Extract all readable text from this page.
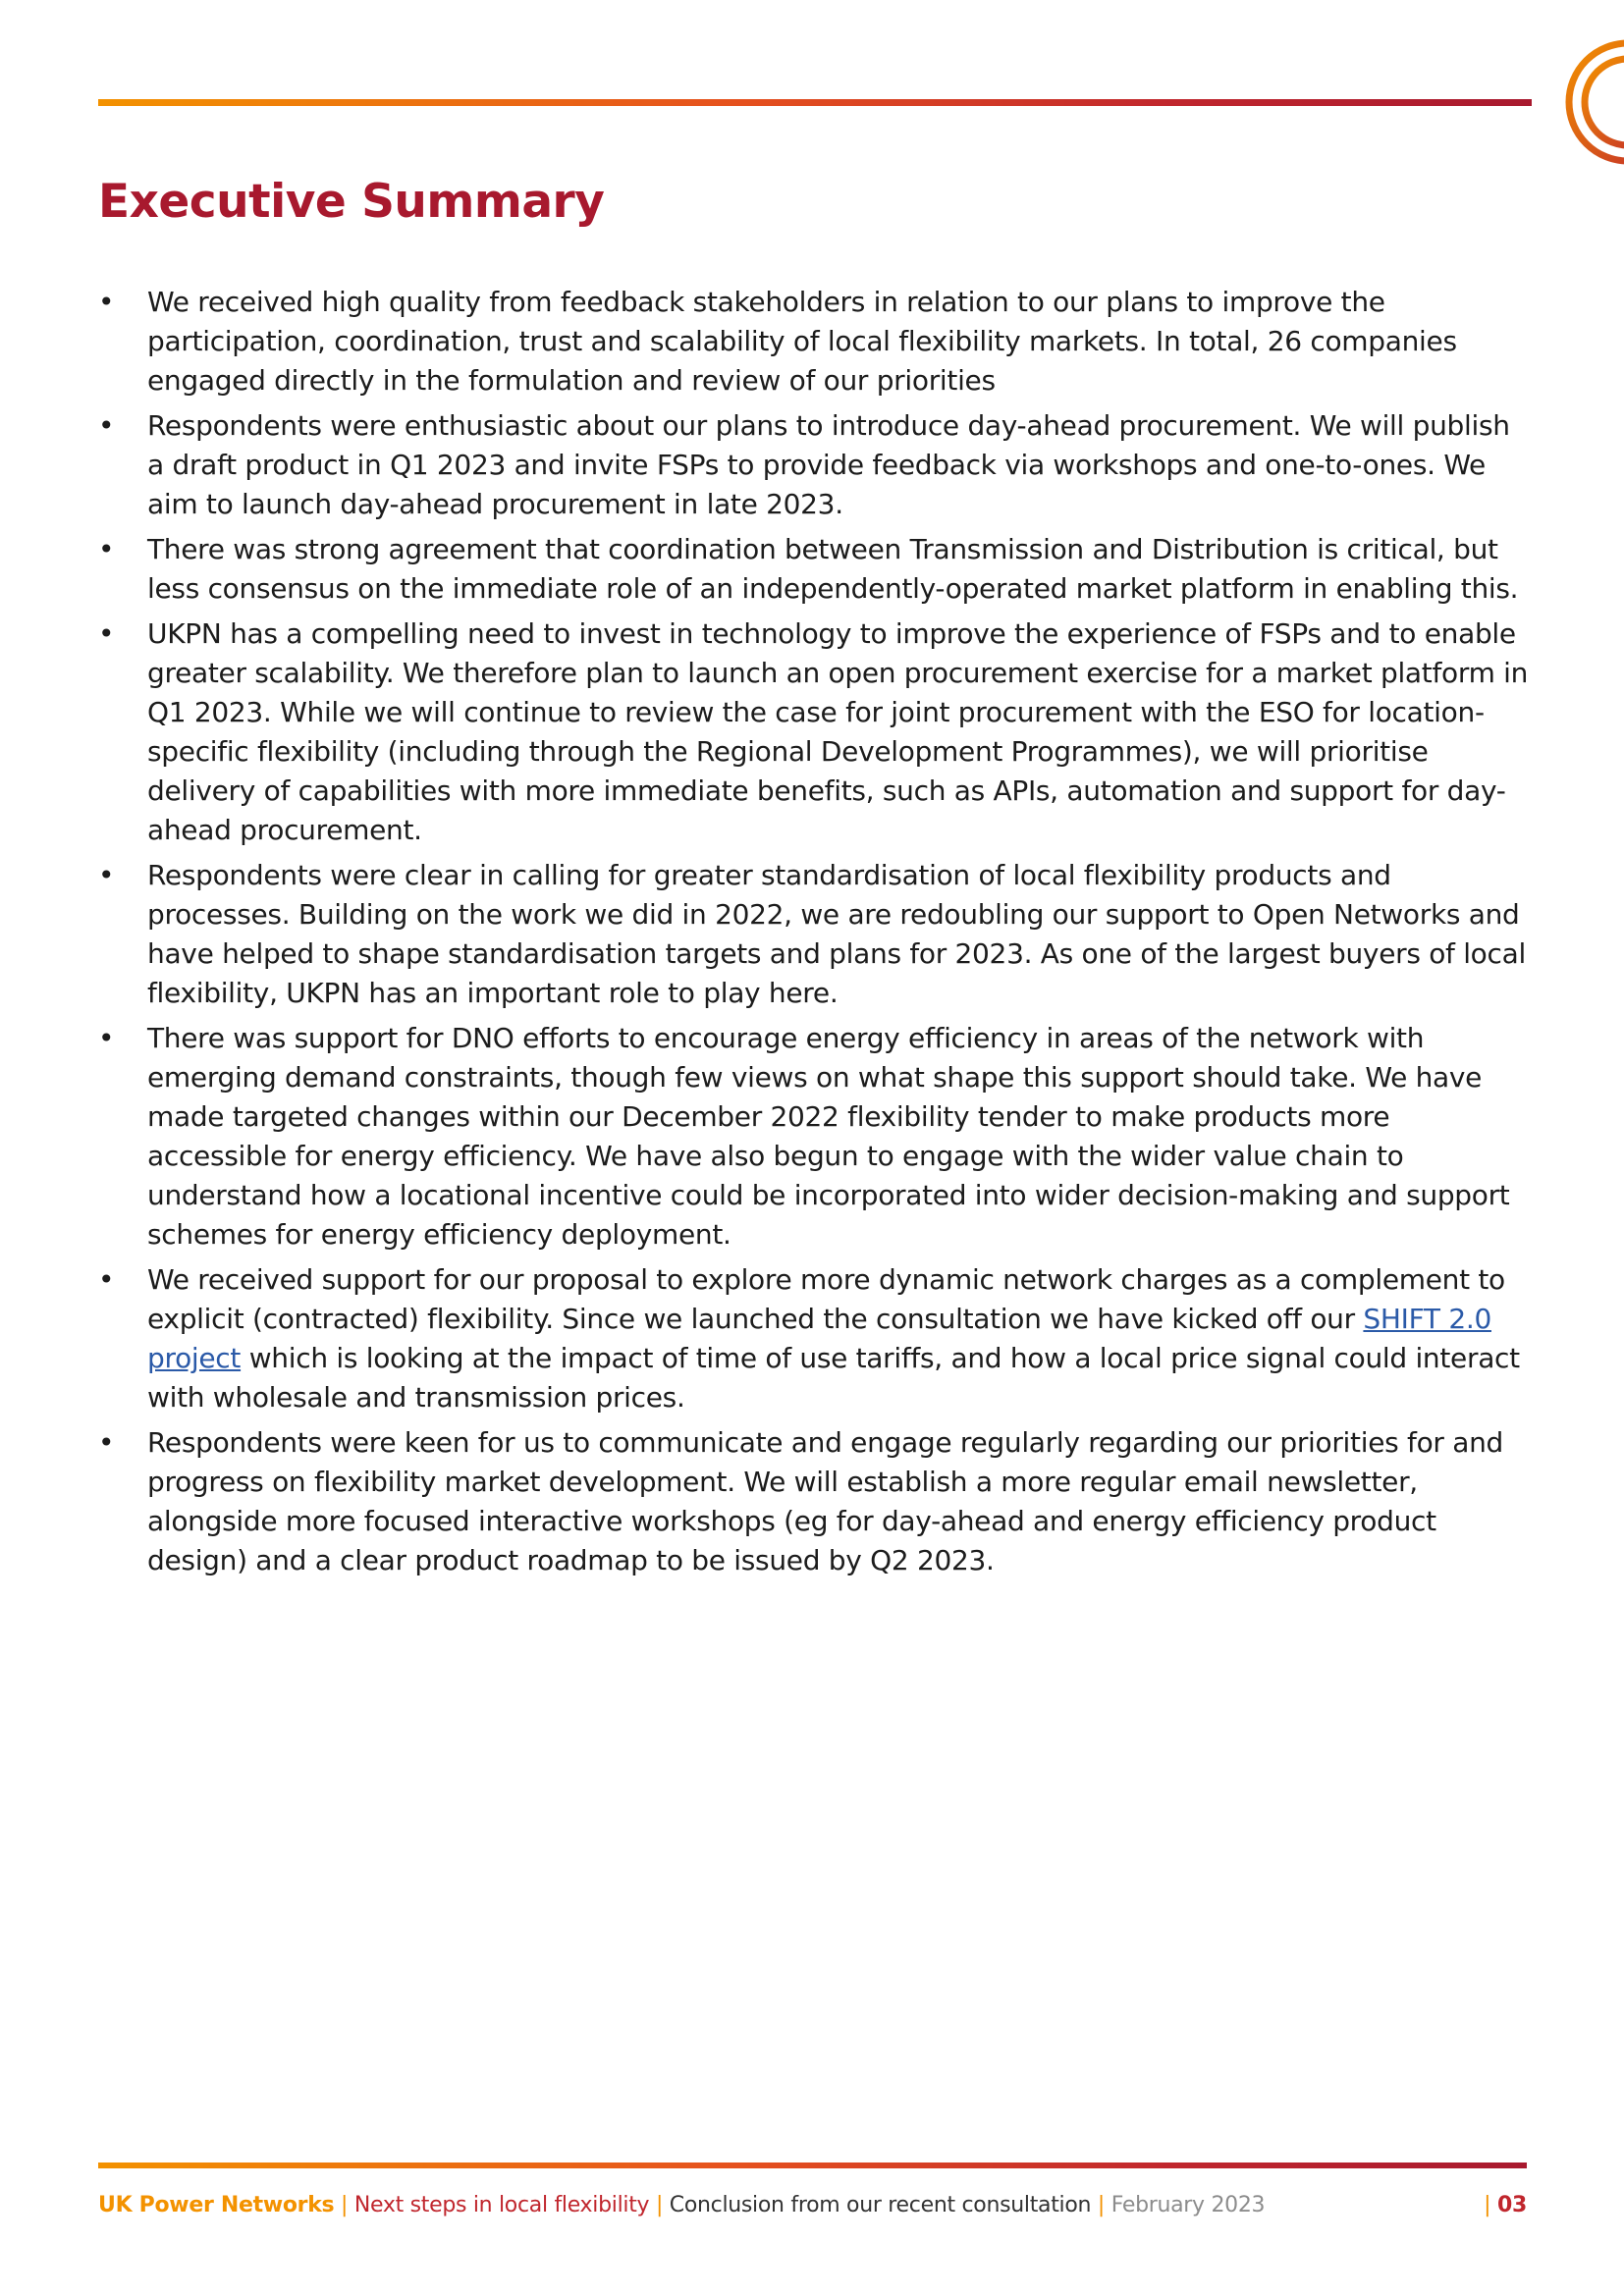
Executive Summary
• We received high quality from feedback stakeholders in relation to our plans to improve the participation, coordination, trust and scalability of local flexibility markets. In total, 26 companies engaged directly in the formulation and review of our priorities
• Respondents were enthusiastic about our plans to introduce day-ahead procurement. We will publish a draft product in Q1 2023 and invite FSPs to provide feedback via workshops and one-to-ones. We aim to launch day-ahead procurement in late 2023.
• There was strong agreement that coordination between Transmission and Distribution is critical, but less consensus on the immediate role of an independently-operated market platform in enabling this.
• UKPN has a compelling need to invest in technology to improve the experience of FSPs and to enable greater scalability. We therefore plan to launch an open procurement exercise for a market platform in Q1 2023. While we will continue to review the case for joint procurement with the ESO for location-specific flexibility (including through the Regional Development Programmes), we will prioritise delivery of capabilities with more immediate benefits, such as APIs, automation and support for day-ahead procurement.
• Respondents were clear in calling for greater standardisation of local flexibility products and processes. Building on the work we did in 2022, we are redoubling our support to Open Networks and have helped to shape standardisation targets and plans for 2023. As one of the largest buyers of local flexibility, UKPN has an important role to play here.
• There was support for DNO efforts to encourage energy efficiency in areas of the network with emerging demand constraints, though few views on what shape this support should take. We have made targeted changes within our December 2022 flexibility tender to make products more accessible for energy efficiency. We have also begun to engage with the wider value chain to understand how a locational incentive could be incorporated into wider decision-making and support schemes for energy efficiency deployment.
• We received support for our proposal to explore more dynamic network charges as a complement to explicit (contracted) flexibility. Since we launched the consultation we have kicked off our SHIFT 2.0 project which is looking at the impact of time of use tariffs, and how a local price signal could interact with wholesale and transmission prices.
• Respondents were keen for us to communicate and engage regularly regarding our priorities for and progress on flexibility market development. We will establish a more regular email newsletter, alongside more focused interactive workshops (eg for day-ahead and energy efficiency product design) and a clear product roadmap to be issued by Q2 2023.
UK Power Networks | Next steps in local flexibility | Conclusion from our recent consultation | February 2023	| 03
